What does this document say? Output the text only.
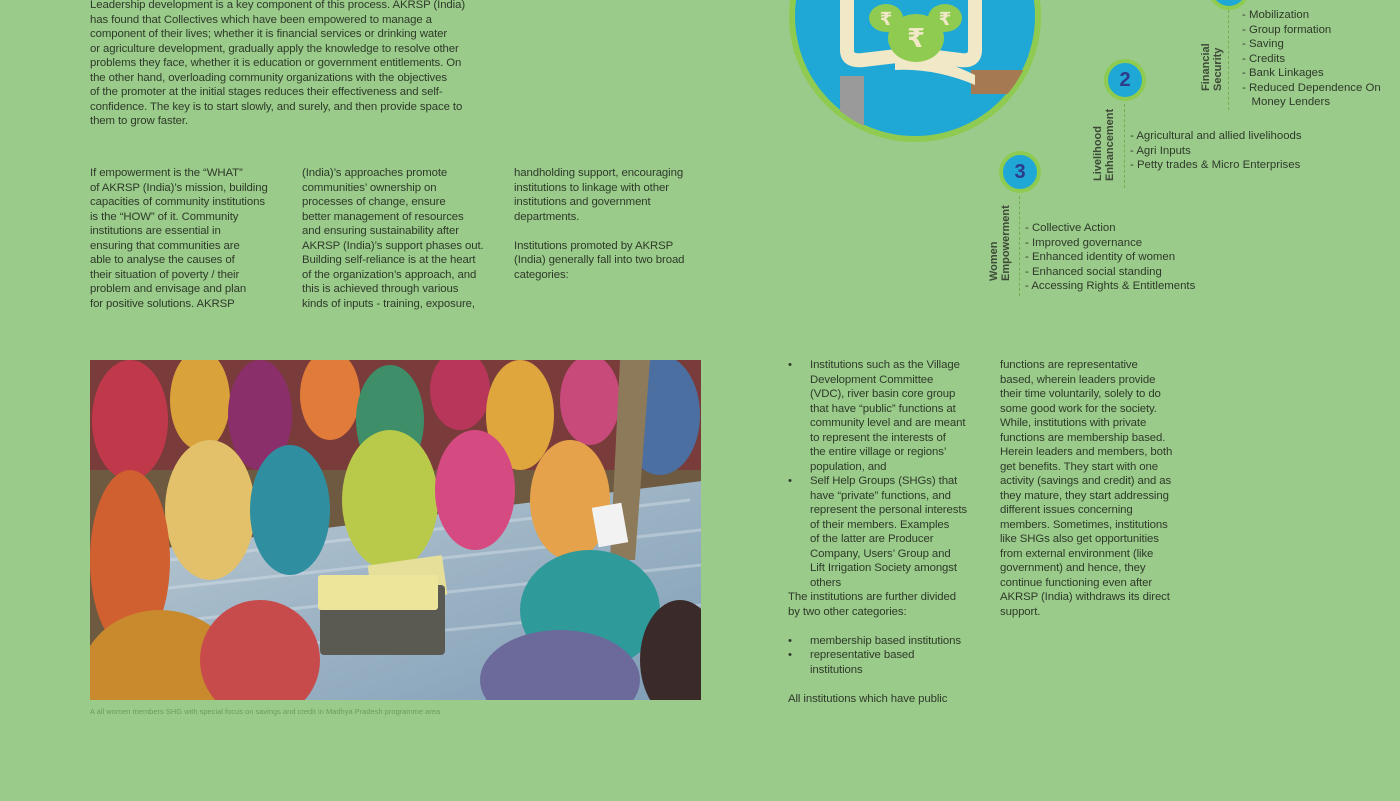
Leadership development is a key component of this process. AKRSP (India)
has found that Collectives which have been empowered to manage a
component of their lives; whether it is financial services or drinking water
or agriculture development, gradually apply the knowledge to resolve other
problems they face, whether it is education or government entitlements. On
the other hand, overloading community organizations with the objectives
of the promoter at the initial stages reduces their effectiveness and self-
confidence. The key is to start slowly, and surely, and then provide space to
them to grow faster.
If empowerment is the “WHAT”
of AKRSP (India)’s mission, building
capacities of community institutions
is the “HOW” of it. Community
institutions are essential in
ensuring that communities are
able to analyse the causes of
their situation of poverty / their
problem and envisage and plan
for positive solutions. AKRSP
(India)’s approaches promote
communities’ ownership on
processes of change, ensure
better management of resources
and ensuring sustainability after
AKRSP (India)’s support phases out.
Building self-reliance is at the heart
of the organization’s approach, and
this is achieved through various
kinds of inputs - training, exposure,
handholding support, encouraging
institutions to linkage with other
institutions and government
departments.
Institutions promoted by AKRSP
(India) generally fall into two broad
categories:
A all women members SHG with special focus on savings and credit in Madhya Pradesh programme area
• Institutions such as the Village
Development Committee
(VDC), river basin core group
that have “public” functions at
community level and are meant
to represent the interests of
the entire village or regions’
population, and
• Self Help Groups (SHGs) that
have “private” functions, and
represent the personal interests
of their members. Examples
of the latter are Producer
Company, Users’ Group and
Lift Irrigation Society amongst
others
The institutions are further divided
by two other categories:
• membership based institutions
• representative based
institutions
All institutions which have public
functions are representative
based, wherein leaders provide
their time voluntarily, solely to do
some good work for the society.
While, institutions with private
functions are membership based.
Herein leaders and members, both
get benefits. They start with one
activity (savings and credit) and as
they mature, they start addressing
different issues concerning
members. Sometimes, institutions
like SHGs also get opportunities
from external environment (like
government) and hence, they
continue functioning even after
AKRSP (India) withdraws its direct
support.
₹
₹	₹
Financial Security
- Mobilization
- Group formation
- Saving
- Credits
- Bank Linkages
- Reduced Dependence On
Money Lenders
2
Livelihood Enhancement - Agricultural and allied livelihoods
- Agri Inputs
- Petty trades & Micro Enterprises
3
Women Empowerment - Collective Action
- Improved governance
- Enhanced identity of women
- Enhanced social standing
- Accessing Rights & Entitlements
